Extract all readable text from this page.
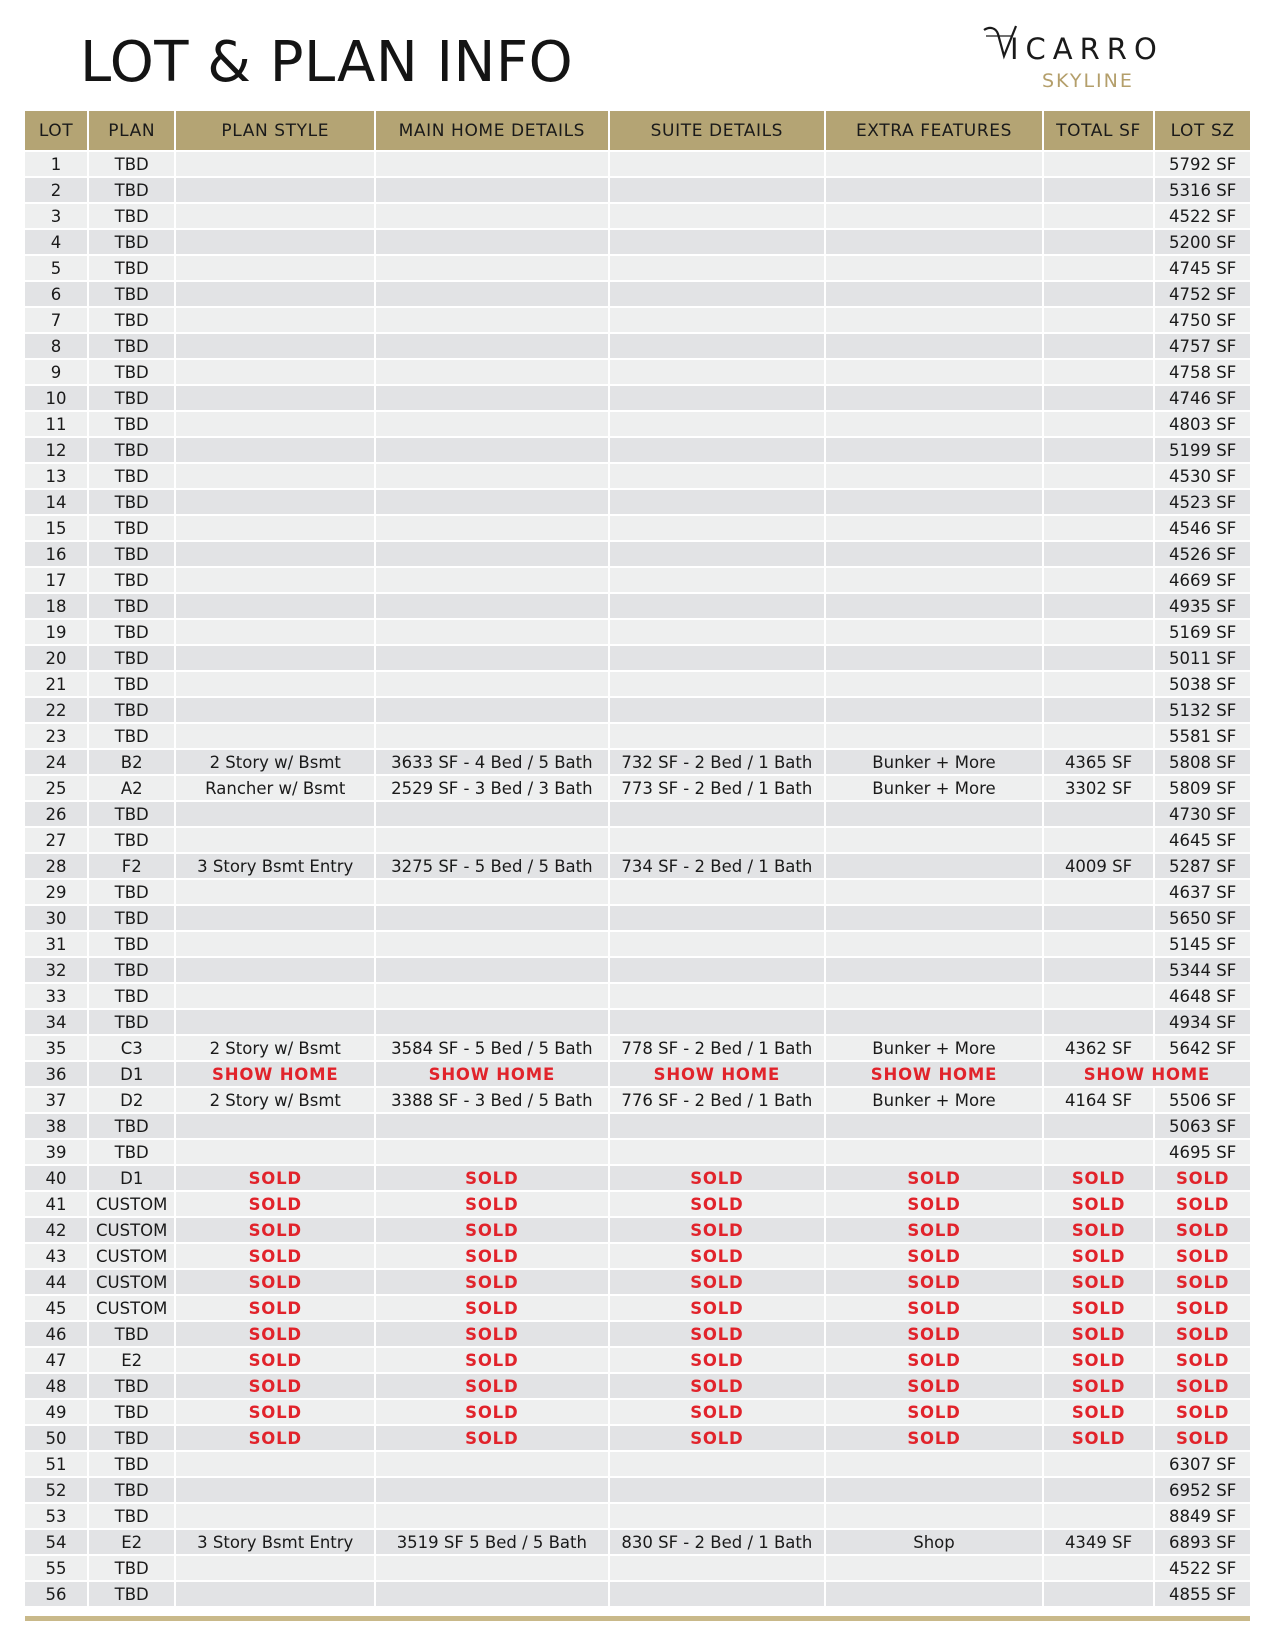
LOT & PLAN INFO	ICARRO
SKYLINE
LOT	PLAN	PLAN STYLE	MAIN HOME DETAILS	SUITE DETAILS	EXTRA FEATURES	TOTAL SF	LOT SZ
1	TBD						5792 SF
2	TBD						5316 SF
3	TBD						4522 SF
4	TBD						5200 SF
5	TBD						4745 SF
6	TBD						4752 SF
7	TBD						4750 SF
8	TBD						4757 SF
9	TBD						4758 SF
10	TBD						4746 SF
11	TBD						4803 SF
12	TBD						5199 SF
13	TBD						4530 SF
14	TBD						4523 SF
15	TBD						4546 SF
16	TBD						4526 SF
17	TBD						4669 SF
18	TBD						4935 SF
19	TBD						5169 SF
20	TBD						5011 SF
21	TBD						5038 SF
22	TBD						5132 SF
23	TBD						5581 SF
24	B2	2 Story w/ Bsmt	3633 SF - 4 Bed / 5 Bath	732 SF - 2 Bed / 1 Bath	Bunker + More	4365 SF	5808 SF
25	A2	Rancher w/ Bsmt	2529 SF - 3 Bed / 3 Bath	773 SF - 2 Bed / 1 Bath	Bunker + More	3302 SF	5809 SF
26	TBD						4730 SF
27	TBD						4645 SF
28	F2	3 Story Bsmt Entry	3275 SF - 5 Bed / 5 Bath	734 SF - 2 Bed / 1 Bath		4009 SF	5287 SF
29	TBD						4637 SF
30	TBD						5650 SF
31	TBD						5145 SF
32	TBD						5344 SF
33	TBD						4648 SF
34	TBD						4934 SF
35	C3	2 Story w/ Bsmt	3584 SF - 5 Bed / 5 Bath	778 SF - 2 Bed / 1 Bath	Bunker + More	4362 SF	5642 SF
36	D1	SHOW HOME	SHOW HOME	SHOW HOME	SHOW HOME	SHOW HOME	
37	D2	2 Story w/ Bsmt	3388 SF - 3 Bed / 5 Bath	776 SF - 2 Bed / 1 Bath	Bunker + More	4164 SF	5506 SF
38	TBD						5063 SF
39	TBD						4695 SF
40	D1	SOLD	SOLD	SOLD	SOLD	SOLD	SOLD
41	CUSTOM	SOLD	SOLD	SOLD	SOLD	SOLD	SOLD
42	CUSTOM	SOLD	SOLD	SOLD	SOLD	SOLD	SOLD
43	CUSTOM	SOLD	SOLD	SOLD	SOLD	SOLD	SOLD
44	CUSTOM	SOLD	SOLD	SOLD	SOLD	SOLD	SOLD
45	CUSTOM	SOLD	SOLD	SOLD	SOLD	SOLD	SOLD
46	TBD	SOLD	SOLD	SOLD	SOLD	SOLD	SOLD
47	E2	SOLD	SOLD	SOLD	SOLD	SOLD	SOLD
48	TBD	SOLD	SOLD	SOLD	SOLD	SOLD	SOLD
49	TBD	SOLD	SOLD	SOLD	SOLD	SOLD	SOLD
50	TBD	SOLD	SOLD	SOLD	SOLD	SOLD	SOLD
51	TBD						6307 SF
52	TBD						6952 SF
53	TBD						8849 SF
54	E2	3 Story Bsmt Entry	3519 SF 5 Bed / 5 Bath	830 SF - 2 Bed / 1 Bath	Shop	4349 SF	6893 SF
55	TBD						4522 SF
56	TBD						4855 SF
